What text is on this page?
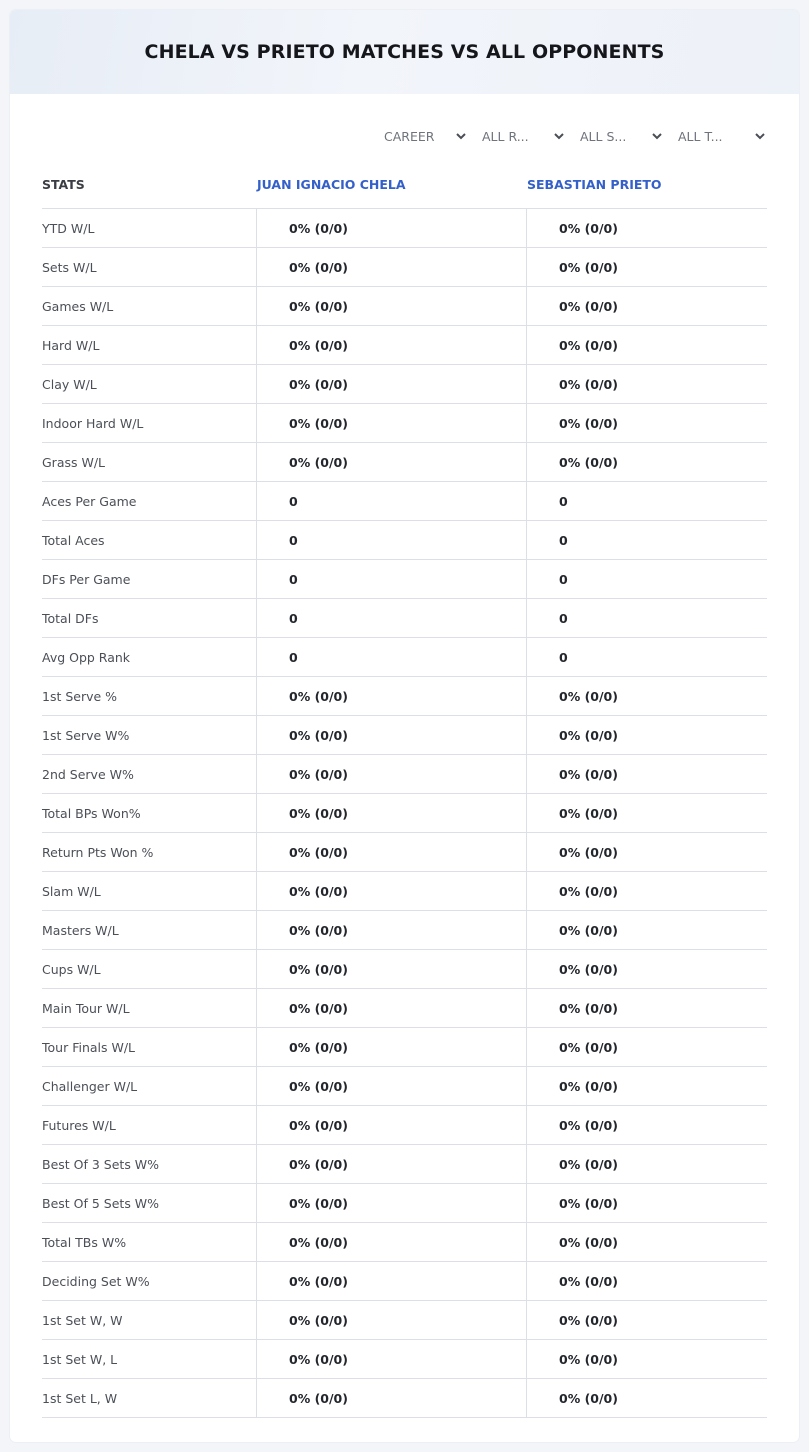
CHELA VS PRIETO MATCHES VS ALL OPPONENTS
CAREER	ALL R...	ALL S...	ALL T...
STATS	JUAN IGNACIO CHELA	SEBASTIAN PRIETO
YTD W/L	0% (0/0)	0% (0/0)
Sets W/L	0% (0/0)	0% (0/0)
Games W/L	0% (0/0)	0% (0/0)
Hard W/L	0% (0/0)	0% (0/0)
Clay W/L	0% (0/0)	0% (0/0)
Indoor Hard W/L	0% (0/0)	0% (0/0)
Grass W/L	0% (0/0)	0% (0/0)
Aces Per Game	0	0
Total Aces	0	0
DFs Per Game	0	0
Total DFs	0	0
Avg Opp Rank	0	0
1st Serve %	0% (0/0)	0% (0/0)
1st Serve W%	0% (0/0)	0% (0/0)
2nd Serve W%	0% (0/0)	0% (0/0)
Total BPs Won%	0% (0/0)	0% (0/0)
Return Pts Won %	0% (0/0)	0% (0/0)
Slam W/L	0% (0/0)	0% (0/0)
Masters W/L	0% (0/0)	0% (0/0)
Cups W/L	0% (0/0)	0% (0/0)
Main Tour W/L	0% (0/0)	0% (0/0)
Tour Finals W/L	0% (0/0)	0% (0/0)
Challenger W/L	0% (0/0)	0% (0/0)
Futures W/L	0% (0/0)	0% (0/0)
Best Of 3 Sets W%	0% (0/0)	0% (0/0)
Best Of 5 Sets W%	0% (0/0)	0% (0/0)
Total TBs W%	0% (0/0)	0% (0/0)
Deciding Set W%	0% (0/0)	0% (0/0)
1st Set W, W	0% (0/0)	0% (0/0)
1st Set W, L	0% (0/0)	0% (0/0)
1st Set L, W	0% (0/0)	0% (0/0)
